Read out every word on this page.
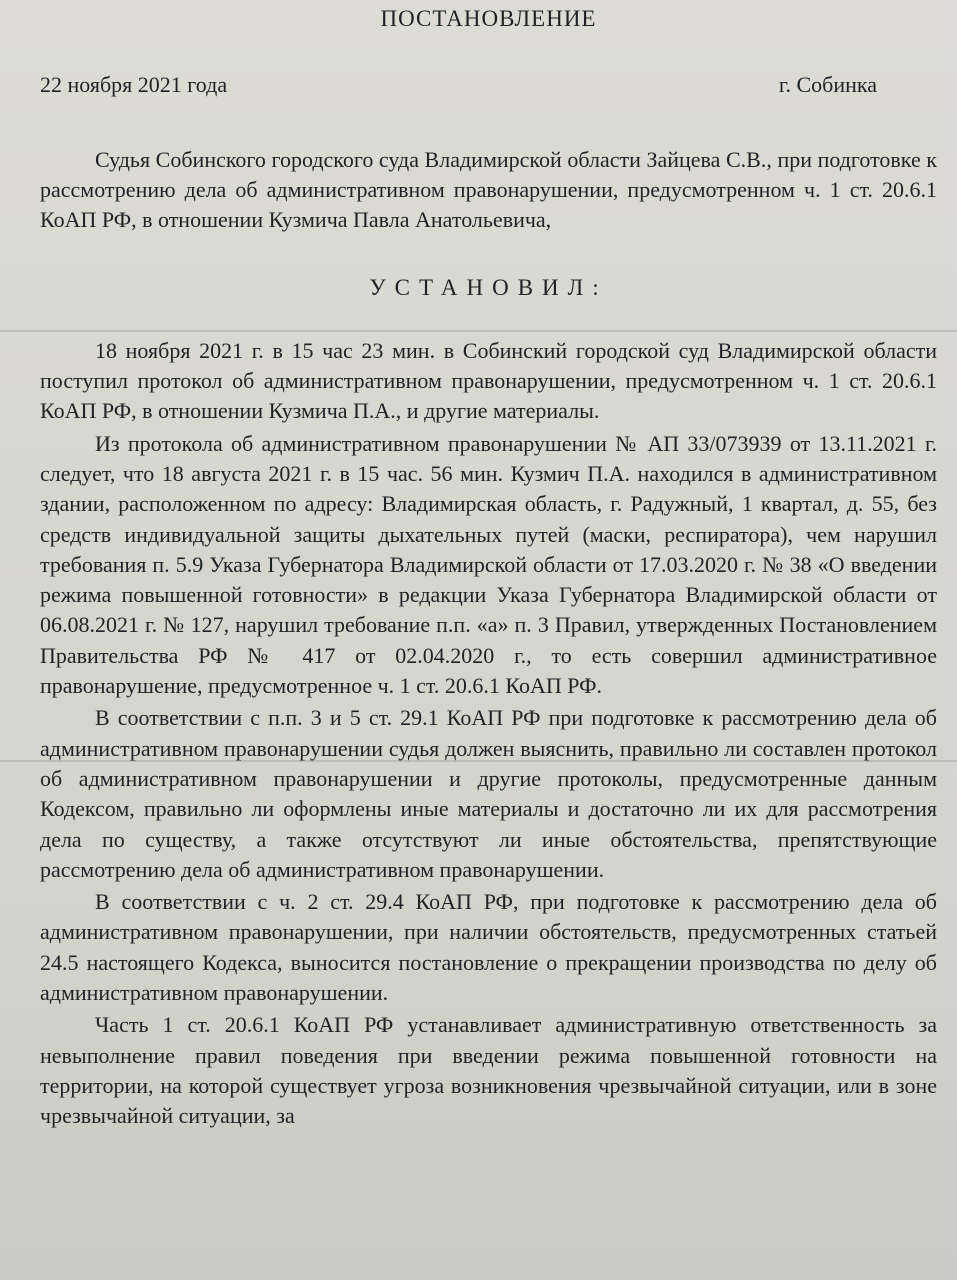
ПОСТАНОВЛЕНИЕ
22 ноября 2021 года	г. Собинка

Судья Собинского городского суда Владимирской области Зайцева С.В., при подготовке к рассмотрению дела об административном правонарушении, предусмотренном ч. 1 ст. 20.6.1 КоАП РФ, в отношении Кузмича Павла Анатольевича,

УСТАНОВИЛ:

18 ноября 2021 г. в 15 час 23 мин. в Собинский городской суд Владимирской области поступил протокол об административном правонарушении, предусмотренном ч. 1 ст. 20.6.1 КоАП РФ, в отношении Кузмича П.А., и другие материалы.

Из протокола об административном правонарушении № АП 33/073939 от 13.11.2021 г. следует, что 18 августа 2021 г. в 15 час. 56 мин. Кузмич П.А. находился в административном здании, расположенном по адресу: Владимирская область, г. Радужный, 1 квартал, д. 55, без средств индивидуальной защиты дыхательных путей (маски, респиратора), чем нарушил требования п. 5.9 Указа Губернатора Владимирской области от 17.03.2020 г. № 38 «О введении режима повышенной готовности» в редакции Указа Губернатора Владимирской области от 06.08.2021 г. № 127, нарушил требование п.п. «а» п. 3 Правил, утвержденных Постановлением Правительства РФ № 417 от 02.04.2020 г., то есть совершил административное правонарушение, предусмотренное ч. 1 ст. 20.6.1 КоАП РФ.

В соответствии с п.п. 3 и 5 ст. 29.1 КоАП РФ при подготовке к рассмотрению дела об административном правонарушении судья должен выяснить, правильно ли составлен протокол об административном правонарушении и другие протоколы, предусмотренные данным Кодексом, правильно ли оформлены иные материалы и достаточно ли их для рассмотрения дела по существу, а также отсутствуют ли иные обстоятельства, препятствующие рассмотрению дела об административном правонарушении.

В соответствии с ч. 2 ст. 29.4 КоАП РФ, при подготовке к рассмотрению дела об административном правонарушении, при наличии обстоятельств, предусмотренных статьей 24.5 настоящего Кодекса, выносится постановление о прекращении производства по делу об административном правонарушении.

Часть 1 ст. 20.6.1 КоАП РФ устанавливает административную ответственность за невыполнение правил поведения при введении режима повышенной готовности на территории, на которой существует угроза возникновения чрезвычайной ситуации, или в зоне чрезвычайной ситуации, за
